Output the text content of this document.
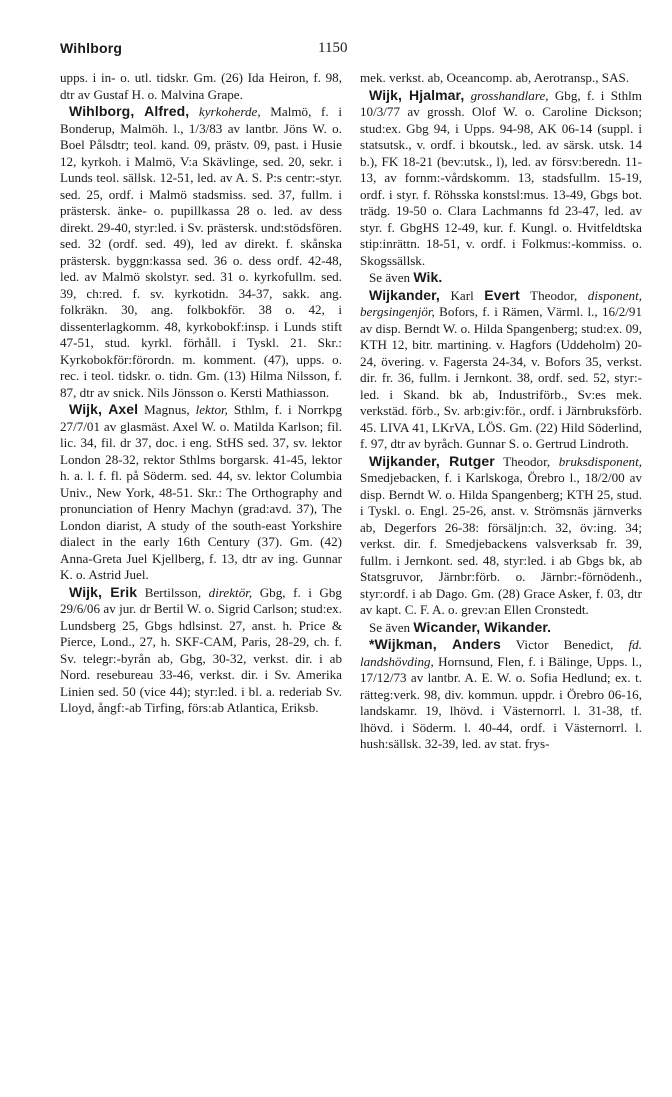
Wihlborg	1150

upps. i in- o. utl. tidskr. Gm. (26) Ida Heiron, f. 98, dtr av Gustaf H. o. Malvina Grape.

Wihlborg, Alfred, kyrkoherde, Malmö, f. i Bonderup, Malmöh. l., 1/3/83 av lantbr. Jöns W. o. Boel Pålsdtr; teol. kand. 09, prästv. 09, past. i Husie 12, kyrkoh. i Malmö, V:a Skävlinge, sed. 20, sekr. i Lunds teol. sällsk. 12-51, led. av A. S. P:s centr:-styr. sed. 25, ordf. i Malmö stadsmiss. sed. 37, fullm. i prästersk. änke- o. pupillkassa 28 o. led. av dess direkt. 29-40, styr:led. i Sv. prästersk. und:stödsfören. sed. 32 (ordf. sed. 49), led av direkt. f. skånska prästersk. byggn:kassa sed. 36 o. dess ordf. 42-48, led. av Malmö skolstyr. sed. 31 o. kyrkofullm. sed. 39, ch:red. f. sv. kyrkotidn. 34-37, sakk. ang. folkräkn. 30, ang. folkbokför. 38 o. 42, i dissenterlagkomm. 48, kyrkobokf:insp. i Lunds stift 47-51, stud. kyrkl. förhåll. i Tyskl. 21. Skr.: Kyrkobokför:förordn. m. komment. (47), upps. o. rec. i teol. tidskr. o. tidn. Gm. (13) Hilma Nilsson, f. 87, dtr av snick. Nils Jönsson o. Kersti Mathiasson.

Wijk, Axel Magnus, lektor, Sthlm, f. i Norrkpg 27/7/01 av glasmäst. Axel W. o. Matilda Karlson; fil. lic. 34, fil. dr 37, doc. i eng. StHS sed. 37, sv. lektor London 28-32, rektor Sthlms borgarsk. 41-45, lektor h. a. l. f. fl. på Söderm. sed. 44, sv. lektor Columbia Univ., New York, 48-51. Skr.: The Orthography and pronunciation of Henry Machyn (grad:avd. 37), The London diarist, A study of the south-east Yorkshire dialect in the early 16th Century (37). Gm. (42) Anna-Greta Juel Kjellberg, f. 13, dtr av ing. Gunnar K. o. Astrid Juel.

Wijk, Erik Bertilsson, direktör, Gbg, f. i Gbg 29/6/06 av jur. dr Bertil W. o. Sigrid Carlson; stud:ex. Lundsberg 25, Gbgs hdlsinst. 27, anst. h. Price & Pierce, Lond., 27, h. SKF-CAM, Paris, 28-29, ch. f. Sv. telegr:-byrån ab, Gbg, 30-32, verkst. dir. i ab Nord. resebureau 33-46, verkst. dir. i Sv. Amerika Linien sed. 50 (vice 44); styr:led. i bl. a. rederiab Sv. Lloyd, ångf:-ab Tirfing, förs:ab Atlantica, Eriksb.

mek. verkst. ab, Oceancomp. ab, Aerotransp., SAS.

Wijk, Hjalmar, grosshandlare, Gbg, f. i Sthlm 10/3/77 av grossh. Olof W. o. Caroline Dickson; stud:ex. Gbg 94, i Upps. 94-98, AK 06-14 (suppl. i statsutsk., v. ordf. i bkoutsk., led. av särsk. utsk. 14 b.), FK 18-21 (bev:utsk., l), led. av försv:beredn. 11-13, av fornm:-vårdskomm. 13, stadsfullm. 15-19, ordf. i styr. f. Röhsska konstsl:mus. 13-49, Gbgs bot. trädg. 19-50 o. Clara Lachmanns fd 23-47, led. av styr. f. GbgHS 12-49, kur. f. Kungl. o. Hvitfeldtska stip:inrättn. 18-51, v. ordf. i Folkmus:-kommiss. o. Skogssällsk.

Se även Wik.

Wijkander, Karl Evert Theodor, disponent, bergsingenjör, Bofors, f. i Rämen, Värml. l., 16/2/91 av disp. Berndt W. o. Hilda Spangenberg; stud:ex. 09, KTH 12, bitr. martining. v. Hagfors (Uddeholm) 20-24, övering. v. Fagersta 24-34, v. Bofors 35, verkst. dir. fr. 36, fullm. i Jernkont. 38, ordf. sed. 52, styr:-led. i Skand. bk ab, Industriförb., Sv:es mek. verkstäd. förb., Sv. arb:giv:för., ordf. i Järnbruksförb. 45. LIVA 41, LKrVA, LÖS. Gm. (22) Hild Söderlind, f. 97, dtr av byråch. Gunnar S. o. Gertrud Lindroth.

Wijkander, Rutger Theodor, bruksdisponent, Smedjebacken, f. i Karlskoga, Örebro l., 18/2/00 av disp. Berndt W. o. Hilda Spangenberg; KTH 25, stud. i Tyskl. o. Engl. 25-26, anst. v. Strömsnäs järnverks ab, Degerfors 26-38: försäljn:ch. 32, öv:ing. 34; verkst. dir. f. Smedjebackens valsverksab fr. 39, fullm. i Jernkont. sed. 48, styr:led. i ab Gbgs bk, ab Statsgruvor, Järnbr:förb. o. Järnbr:-förnödenh., styr:ordf. i ab Dago. Gm. (28) Grace Asker, f. 03, dtr av kapt. C. F. A. o. grev:an Ellen Cronstedt.

Se även Wicander, Wikander.

*Wijkman, Anders Victor Benedict, fd. landshövding, Hornsund, Flen, f. i Bälinge, Upps. l., 17/12/73 av lantbr. A. E. W. o. Sofia Hedlund; ex. t. rätteg:verk. 98, div. kommun. uppdr. i Örebro 06-16, landskamr. 19, lhövd. i Västernorrl. l. 31-38, tf. lhövd. i Söderm. l. 40-44, ordf. i Västernorrl. l. hush:sällsk. 32-39, led. av stat. frys-
